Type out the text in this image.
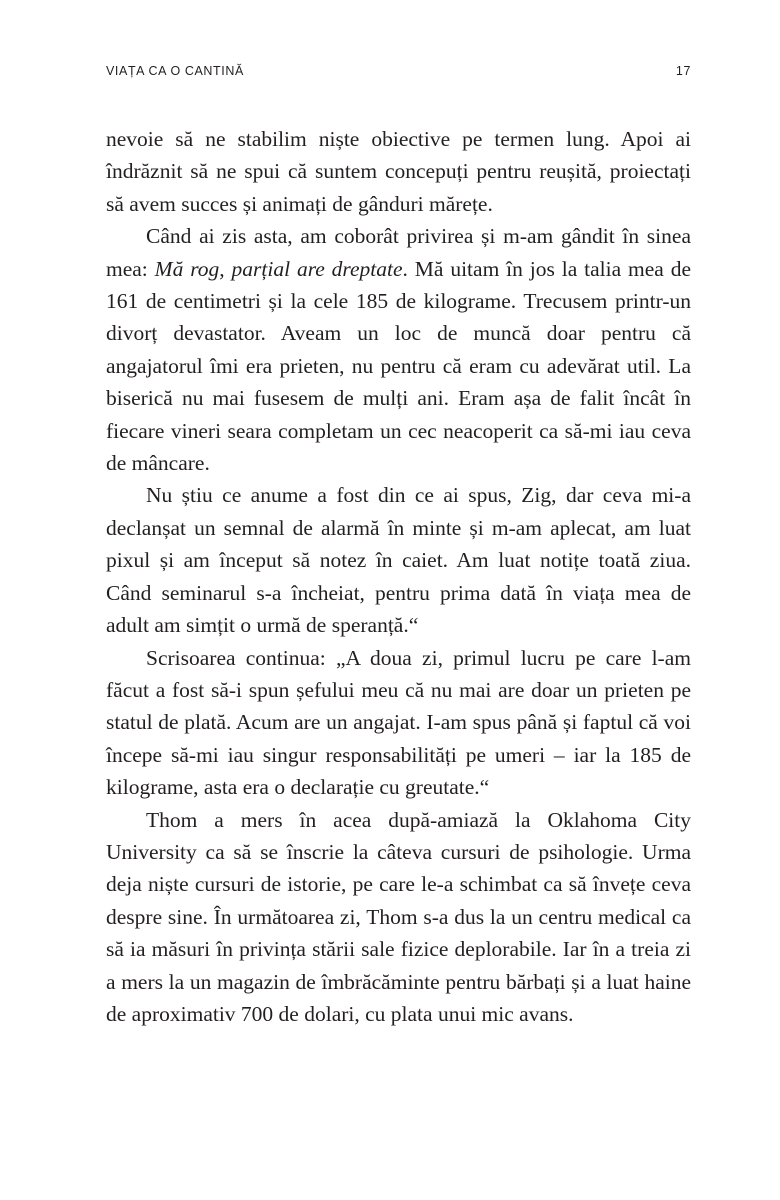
VIAȚA CA O CANTINĂ	17

nevoie să ne stabilim niște obiective pe termen lung. Apoi ai îndrăznit să ne spui că suntem concepuți pentru reușită, proiectați să avem succes și animați de gânduri mărețe.

Când ai zis asta, am coborât privirea și m-am gândit în sinea mea: Mă rog, parțial are dreptate. Mă uitam în jos la talia mea de 161 de centimetri și la cele 185 de kilograme. Trecusem printr-un divorț devastator. Aveam un loc de muncă doar pentru că angajatorul îmi era prieten, nu pentru că eram cu adevărat util. La biserică nu mai fusesem de mulți ani. Eram așa de falit încât în fiecare vineri seara completam un cec neacoperit ca să-mi iau ceva de mâncare.

Nu știu ce anume a fost din ce ai spus, Zig, dar ceva mi-a declanșat un semnal de alarmă în minte și m-am aplecat, am luat pixul și am început să notez în caiet. Am luat notițe toată ziua. Când seminarul s-a încheiat, pentru prima dată în viața mea de adult am simțit o urmă de speranță.“

Scrisoarea continua: „A doua zi, primul lucru pe care l-am făcut a fost să-i spun șefului meu că nu mai are doar un prieten pe statul de plată. Acum are un angajat. I-am spus până și faptul că voi începe să-mi iau singur responsabilități pe umeri – iar la 185 de kilograme, asta era o declarație cu greutate.“

Thom a mers în acea după-amiază la Oklahoma City University ca să se înscrie la câteva cursuri de psihologie. Urma deja niște cursuri de istorie, pe care le-a schimbat ca să învețe ceva despre sine. În următoarea zi, Thom s-a dus la un centru medical ca să ia măsuri în privința stării sale fizice deplorabile. Iar în a treia zi a mers la un magazin de îmbrăcăminte pentru bărbați și a luat haine de aproximativ 700 de dolari, cu plata unui mic avans.
